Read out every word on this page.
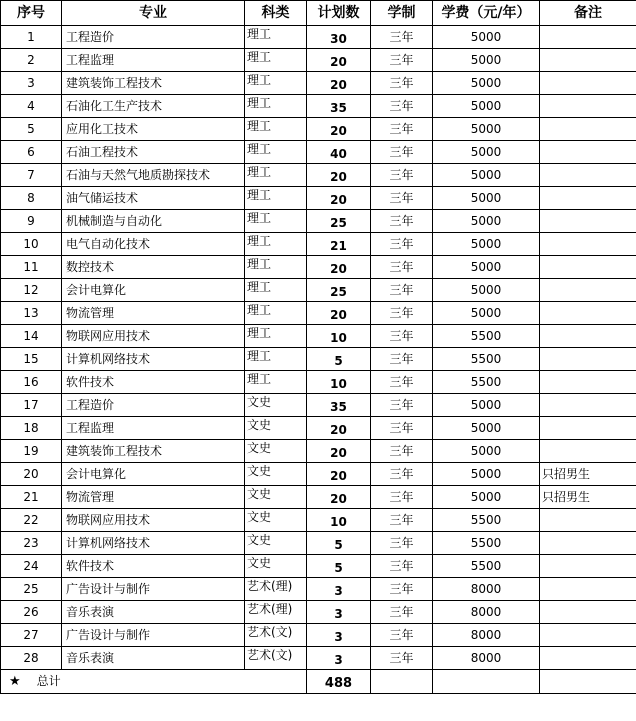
序号	专业	科类	计划数	学制	学费（元/年）	备注
1	工程造价	理工	30	三年	5000	
2	工程监理	理工	20	三年	5000	
3	建筑装饰工程技术	理工	20	三年	5000	
4	石油化工生产技术	理工	35	三年	5000	
5	应用化工技术	理工	20	三年	5000	
6	石油工程技术	理工	40	三年	5000	
7	石油与天然气地质勘探技术	理工	20	三年	5000	
8	油气储运技术	理工	20	三年	5000	
9	机械制造与自动化	理工	25	三年	5000	
10	电气自动化技术	理工	21	三年	5000	
11	数控技术	理工	20	三年	5000	
12	会计电算化	理工	25	三年	5000	
13	物流管理	理工	20	三年	5000	
14	物联网应用技术	理工	10	三年	5500	
15	计算机网络技术	理工	5	三年	5500	
16	软件技术	理工	10	三年	5500	
17	工程造价	文史	35	三年	5000	
18	工程监理	文史	20	三年	5000	
19	建筑装饰工程技术	文史	20	三年	5000	
20	会计电算化	文史	20	三年	5000	只招男生
21	物流管理	文史	20	三年	5000	只招男生
22	物联网应用技术	文史	10	三年	5500	
23	计算机网络技术	文史	5	三年	5500	
24	软件技术	文史	5	三年	5500	
25	广告设计与制作	艺术(理)	3	三年	8000	
26	音乐表演	艺术(理)	3	三年	8000	
27	广告设计与制作	艺术(文)	3	三年	8000	
28	音乐表演	艺术(文)	3	三年	8000	
★ 总计			488			
